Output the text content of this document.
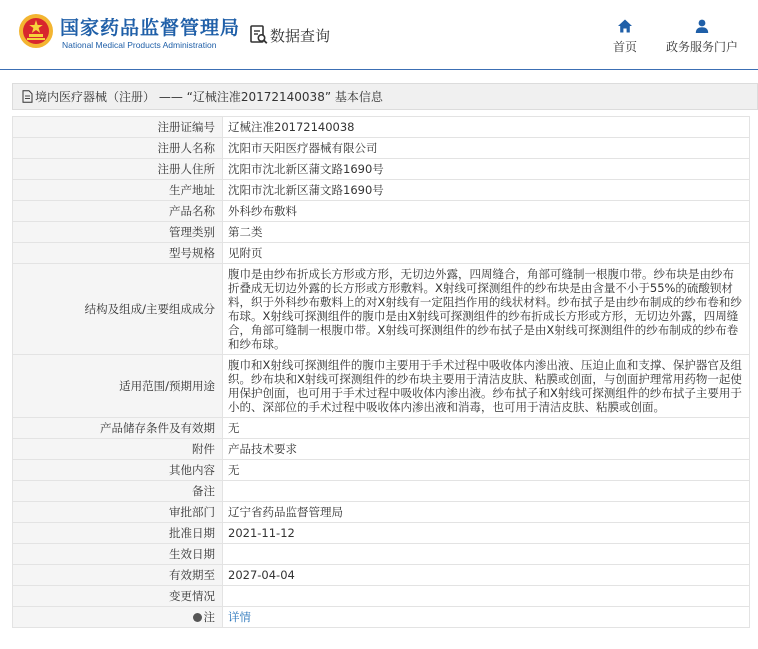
国家药品监督管理局
National Medical Products Administration
数据查询
首页 政务服务门户
境内医疗器械（注册） —— “辽械注准20172140038” 基本信息
注册证编号	辽械注准20172140038
注册人名称	沈阳市天阳医疗器械有限公司
注册人住所	沈阳市沈北新区蒲文路1690号
生产地址	沈阳市沈北新区蒲文路1690号
产品名称	外科纱布敷料
管理类别	第二类
型号规格	见附页
结构及组成/主要组成成分	腹巾是由纱布折成长方形或方形，无切边外露，四周缝合，角部可缝制一根腹巾带。纱布块是由纱布折叠成无切边外露的长方形或方形敷料。X射线可探测组件的纱布块是由含量不小于55%的硫酸钡材料，织于外科纱布敷料上的对X射线有一定阻挡作用的线状材料。纱布拭子是由纱布制成的纱布卷和纱布球。X射线可探测组件的腹巾是由X射线可探测组件的纱布折成长方形或方形，无切边外露，四周缝合，角部可缝制一根腹巾带。X射线可探测组件的纱布拭子是由X射线可探测组件的纱布制成的纱布卷和纱布球。
适用范围/预期用途	腹巾和X射线可探测组件的腹巾主要用于手术过程中吸收体内渗出液、压迫止血和支撑、保护器官及组织。纱布块和X射线可探测组件的纱布块主要用于清洁皮肤、粘膜或创面，与创面护理常用药物一起使用保护创面，也可用于手术过程中吸收体内渗出液。纱布拭子和X射线可探测组件的纱布拭子主要用于小的、深部位的手术过程中吸收体内渗出液和消毒，也可用于清洁皮肤、粘膜或创面。
产品储存条件及有效期	无
附件	产品技术要求
其他内容	无
备注	
审批部门	辽宁省药品监督管理局
批准日期	2021-11-12
生效日期	
有效期至	2027-04-04
变更情况	
注	详情
